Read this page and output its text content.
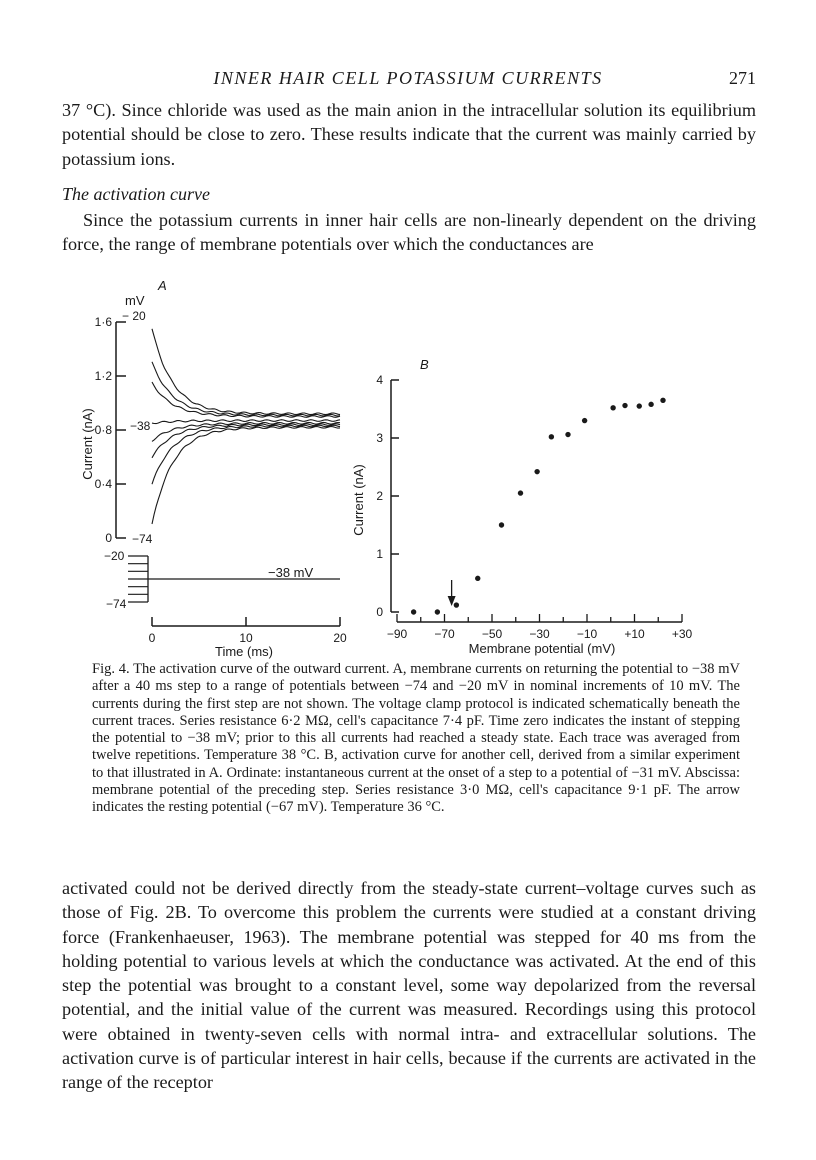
INNER HAIR CELL POTASSIUM CURRENTS	271

37 °C). Since chloride was used as the main anion in the intracellular solution its equilibrium potential should be close to zero. These results indicate that the current was mainly carried by potassium ions.

The activation curve

Since the potassium currents in inner hair cells are non-linearly dependent on the driving force, the range of membrane potentials over which the conductances are

A
mV
0
0·4
0·8
1·2
1·6
0	10	20
Current (nA)
Time (ms)
− 20
−38
−74
−20
−74
−38 mV
B
0
1
2
3
4
−90 −70 −50 −30 −10 +10 +30
Current (nA)
Membrane potential (mV)

Fig. 4. The activation curve of the outward current. A, membrane currents on returning the potential to −38 mV after a 40 ms step to a range of potentials between −74 and −20 mV in nominal increments of 10 mV. The currents during the first step are not shown. The voltage clamp protocol is indicated schematically beneath the current traces. Series resistance 6·2 MΩ, cell's capacitance 7·4 pF. Time zero indicates the instant of stepping the potential to −38 mV; prior to this all currents had reached a steady state. Each trace was averaged from twelve repetitions. Temperature 38 °C. B, activation curve for another cell, derived from a similar experiment to that illustrated in A. Ordinate: instantaneous current at the onset of a step to a potential of −31 mV. Abscissa: membrane potential of the preceding step. Series resistance 3·0 MΩ, cell's capacitance 9·1 pF. The arrow indicates the resting potential (−67 mV). Temperature 36 °C.

activated could not be derived directly from the steady-state current–voltage curves such as those of Fig. 2B. To overcome this problem the currents were studied at a constant driving force (Frankenhaeuser, 1963). The membrane potential was stepped for 40 ms from the holding potential to various levels at which the conductance was activated. At the end of this step the potential was brought to a constant level, some way depolarized from the reversal potential, and the initial value of the current was measured. Recordings using this protocol were obtained in twenty-seven cells with normal intra- and extracellular solutions. The activation curve is of particular interest in hair cells, because if the currents are activated in the range of the receptor
